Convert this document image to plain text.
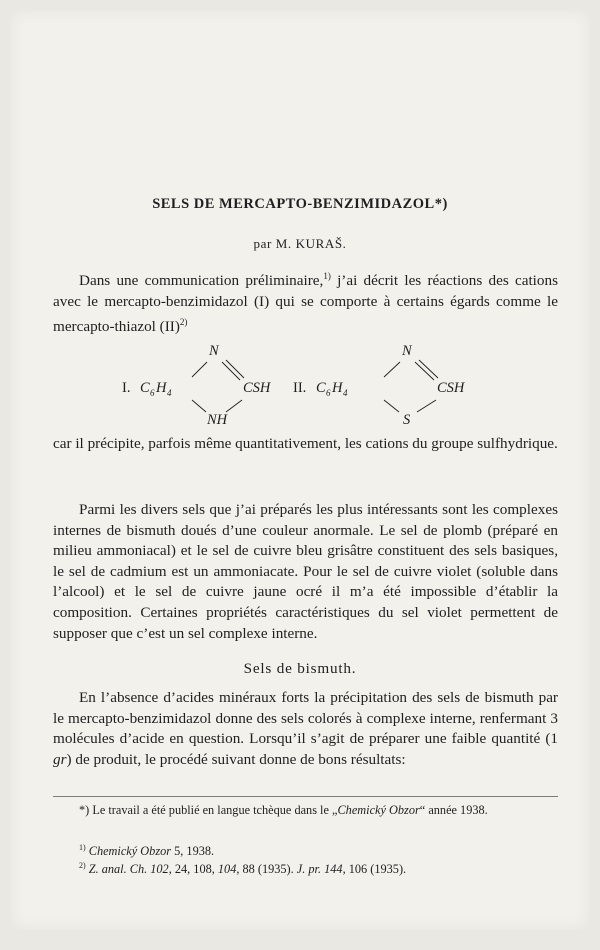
SELS DE MERCAPTO-BENZIMIDAZOL*)
par M. KURAŠ.

Dans une communication préliminaire,$^{1)}$ j’ai décrit les réactions des cations avec le mercapto-benzimidazol (I) qui se comporte à certains égards comme le mercapto-thiazol (II)$^{2)}$

I. C 6 H 4
N
CSH
NH
II. C 6 H 4
N
CSH
S

car il précipite, parfois même quantitativement, les cations du groupe sulfhydrique.

Parmi les divers sels que j’ai préparés les plus intéressants sont les complexes internes de bismuth doués d’une couleur anormale. Le sel de plomb (préparé en milieu ammoniacal) et le sel de cuivre bleu grisâtre constituent des sels basiques, le sel de cadmium est un ammoniacate. Pour le sel de cuivre violet (soluble dans l’alcool) et le sel de cuivre jaune ocré il m’a été impossible d’établir la composition. Certaines propriétés caractéristiques du sel violet permettent de supposer que c’est un sel complexe interne.

Sels de bismuth.

En l’absence d’acides minéraux forts la précipitation des sels de bismuth par le mercapto-benzimidazol donne des sels colorés à complexe interne, renfermant 3 molécules d’acide en question. Lorsqu’il s’agit de préparer une faible quantité (1 gr) de produit, le procédé suivant donne de bons résultats:

*) Le travail a été publié en langue tchèque dans le „Chemický Obzor“ année 1938.

$^{1)}$ Chemický Obzor 5, 1938.

$^{2)}$ Z. anal. Ch. 102, 24, 108, 104, 88 (1935). J. pr. 144, 106 (1935).
